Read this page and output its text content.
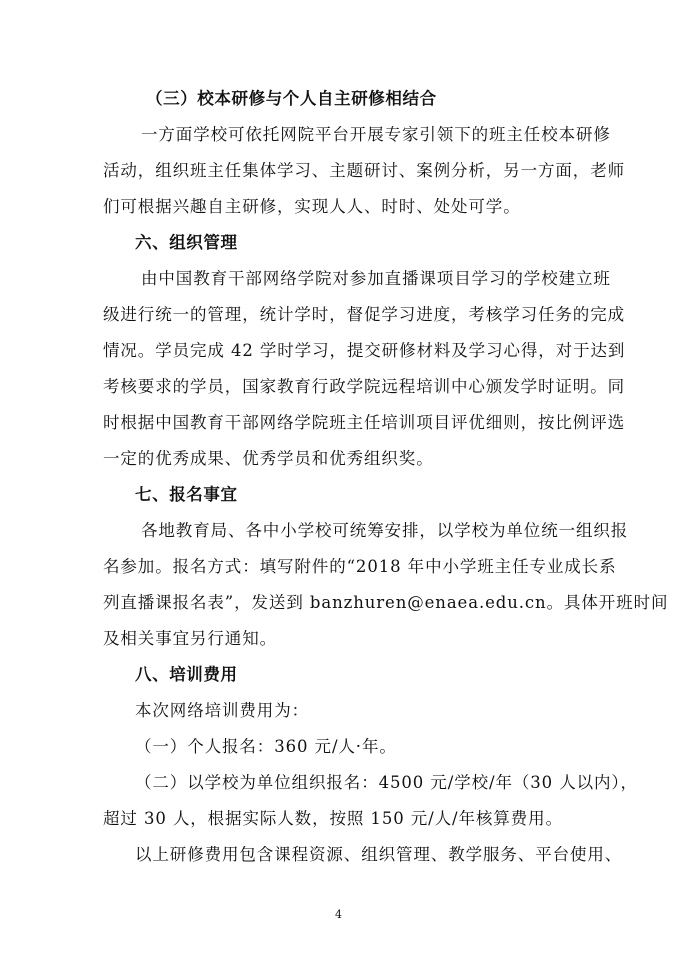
（三）校本研修与个人自主研修相结合
一方面学校可依托网院平台开展专家引领下的班主任校本研修
活动，组织班主任集体学习、主题研讨、案例分析，另一方面，老师
们可根据兴趣自主研修，实现人人、时时、处处可学。
六、组织管理
由中国教育干部网络学院对参加直播课项目学习的学校建立班
级进行统一的管理，统计学时，督促学习进度，考核学习任务的完成
情况。学员完成 42 学时学习，提交研修材料及学习心得，对于达到
考核要求的学员，国家教育行政学院远程培训中心颁发学时证明。同
时根据中国教育干部网络学院班主任培训项目评优细则，按比例评选
一定的优秀成果、优秀学员和优秀组织奖。
七、报名事宜
各地教育局、各中小学校可统筹安排，以学校为单位统一组织报
名参加。报名方式：填写附件的“2018 年中小学班主任专业成长系
列直播课报名表”，发送到 banzhuren@enaea.edu.cn。具体开班时间
及相关事宜另行通知。
八、培训费用
本次网络培训费用为：
（一）个人报名：360 元/人·年。
（二）以学校为单位组织报名：4500 元/学校/年（30 人以内），
超过 30 人，根据实际人数，按照 150 元/人/年核算费用。
以上研修费用包含课程资源、组织管理、教学服务、平台使用、
4
